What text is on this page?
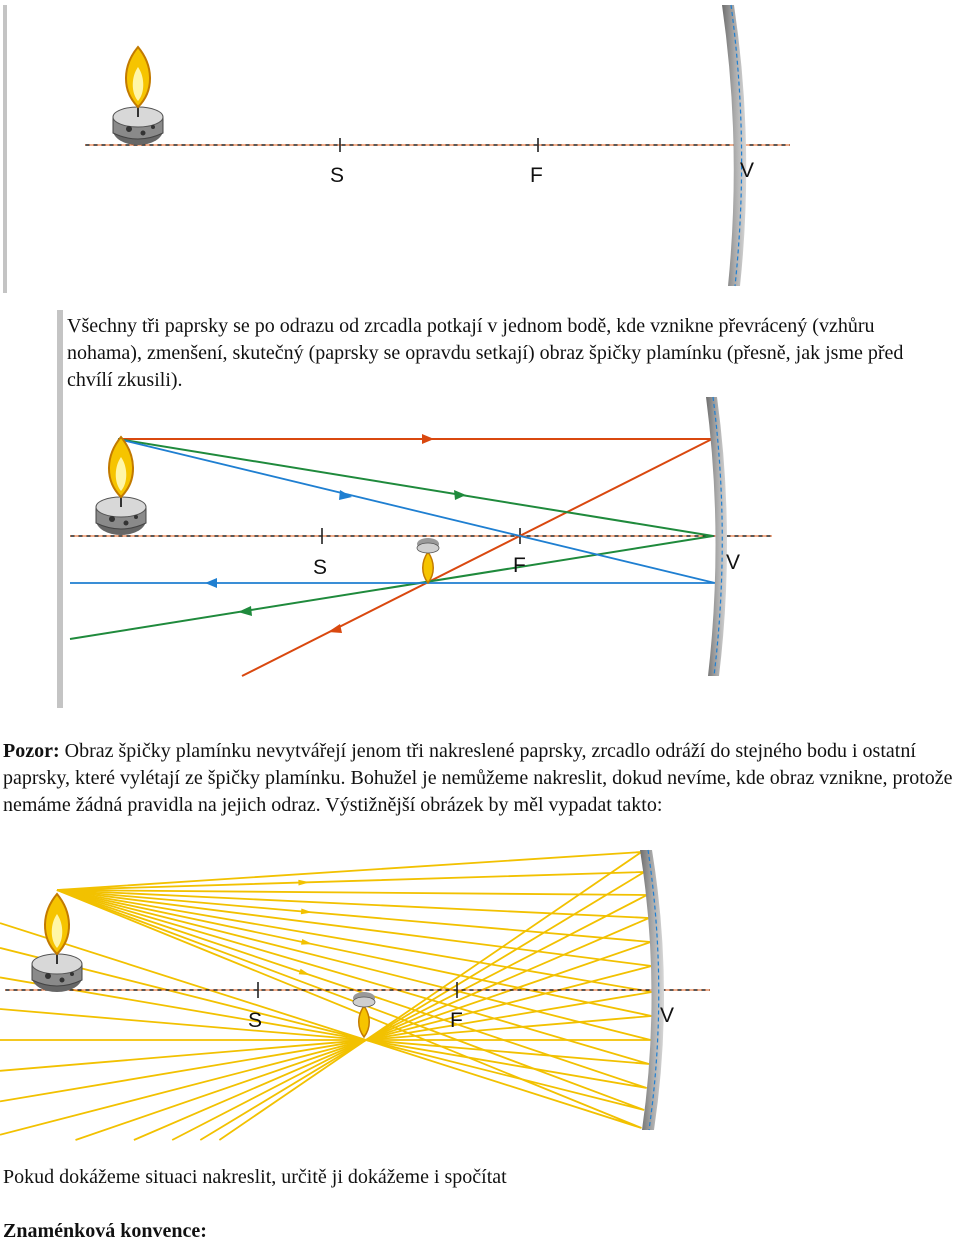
S	F	V

Všechny tři paprsky se po odrazu od zrcadla potkají v jednom bodě, kde vznikne převrácený (vzhůru nohama), zmenšení, skutečný (paprsky se opravdu setkají) obraz špičky plamínku (přesně, jak jsme před chvílí zkusili).

S	F	V

Pozor: Obraz špičky plamínku nevytvářejí jenom tři nakreslené paprsky, zrcadlo odráží do stejného bodu i ostatní paprsky, které vylétají ze špičky plamínku. Bohužel je nemůžeme nakreslit, dokud nevíme, kde obraz vznikne, protože nemáme žádná pravidla na jejich odraz. Výstižnější obrázek by měl vypadat takto:

S	F	V

Pokud dokážeme situaci nakreslit, určitě ji dokážeme i spočítat

Znaménková konvence:
